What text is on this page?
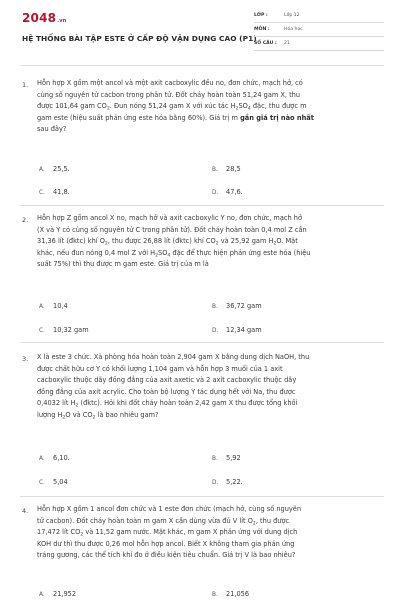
2048.vn
HỆ THỐNG BÀI TẬP ESTE Ở CẤP ĐỘ VẬN DỤNG CAO (P1)
LỚP :	Lớp 12
MÔN :	Hóa học
SỐ CÂU :	21
1. Hỗn hợp X gồm một ancol và một axit cacboxylic đều no, đơn chức, mạch hở, có
cùng số nguyên tử cacbon trong phân tử. Đốt cháy hoàn toàn 51,24 gam X, thu
được 101,64 gam $CO_2$. Đun nóng 51,24 gam X với xúc tác $H_2SO_4$ đặc, thu được m
gam este (hiệu suất phản ứng este hóa bằng 60%). Giá trị m gần giá trị nào nhất
sau đây?
A. 25,5.	B. 28,5
C. 41,8.	D. 47,6.
2. Hỗn hợp Z gồm ancol X no, mạch hở và axit cacboxylic Y no, đơn chức, mạch hở
(X và Y có cùng số nguyên tử C trong phân tử). Đốt cháy hoàn toàn 0,4 mol Z cần
31,36 lít (đktc) khí $O_2$, thu được 26,88 lít (đktc) khí $CO_2$ và 25,92 gam $H_2O$. Mặt
khác, nếu đun nóng 0,4 mol Z với $H_2SO_4$ đặc để thực hiện phản ứng este hóa (hiệu
suất 75%) thì thu được m gam este. Giá trị của m là
A. 10,4	B. 36,72 gam
C. 10,32 gam	D. 12,34 gam
3. X là este 3 chức. Xà phòng hóa hoàn toàn 2,904 gam X bằng dung dịch NaOH, thu
được chất hữu cơ Y có khối lượng 1,104 gam và hỗn hợp 3 muối của 1 axit
cacboxylic thuộc dãy đồng đẳng của axit axetic và 2 axit cacboxylic thuộc dãy
đồng đẳng của axit acrylic. Cho toàn bộ lượng Y tác dụng hết với Na, thu được
0,4032 lít $H_2$ (đktc). Hỏi khi đốt cháy hoàn toàn 2,42 gam X thu được tổng khối
lượng $H_2O$ và $CO_2$ là bao nhiêu gam?
A. 6,10.	B. 5,92
C. 5,04	D. 5,22.
4. Hỗn hợp X gồm 1 ancol đơn chức và 1 este đơn chức (mạch hở, cùng số nguyên
tử cacbon). Đốt cháy hoàn toàn m gam X cần dùng vừa đủ V lít $O_2$, thu được
17,472 lít $CO_2$ và 11,52 gam nước. Mặt khác, m gam X phản ứng với dung dịch
KOH dư thì thu được 0,26 mol hỗn hợp ancol. Biết X không tham gia phản ứng
tráng gương, các thể tích khí đo ở điều kiện tiêu chuẩn. Giá trị V là bao nhiêu?
A. 21,952	B. 21,056
